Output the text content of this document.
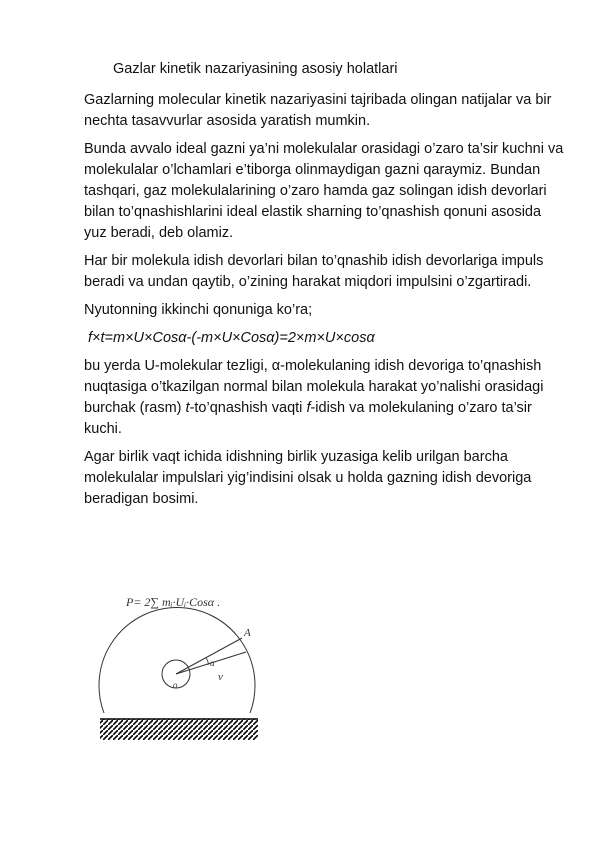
Gazlar kinetik nazariyasining asosiy holatlari

Gazlarning molecular kinetik nazariyasini tajribada olingan natijalar va bir nechta tasavvurlar asosida yaratish mumkin.

Bunda avvalo ideal gazni ya’ni molekulalar orasidagi o’zaro ta’sir kuchni va molekulalar o’lchamlari e’tiborga olinmaydigan gazni qaraymiz. Bundan tashqari, gaz molekulalarining o’zaro hamda gaz solingan idish devorlari bilan to’qnashishlarini ideal elastik sharning to’qnashish qonuni asosida yuz beradi, deb olamiz.

Har bir molekula idish devorlari bilan to’qnashib idish devorlariga impuls beradi va undan qaytib, o’zining harakat miqdori impulsini o’zgartiradi.

Nyutonning ikkinchi qonuniga ko’ra;

f×t=m×U×Cosα-(-m×U×Cosα)=2×m×U×cosα

bu yerda U-molekular tezligi, α-molekulaning idish devoriga to’qnashish nuqtasiga o’tkazilgan normal bilan molekula harakat yo’nalishi orasidagi burchak (rasm) t-to’qnashish vaqti f-idish va molekulaning o’zaro ta’sir kuchi.

Agar birlik vaqt ichida idishning birlik yuzasiga kelib urilgan barcha molekulalar impulslari yig’indisini olsak u holda gazning idish devoriga beradigan bosimi.

P= 2∑ mᵢ·Uᵢ·Cosα .
A
α
v
o
